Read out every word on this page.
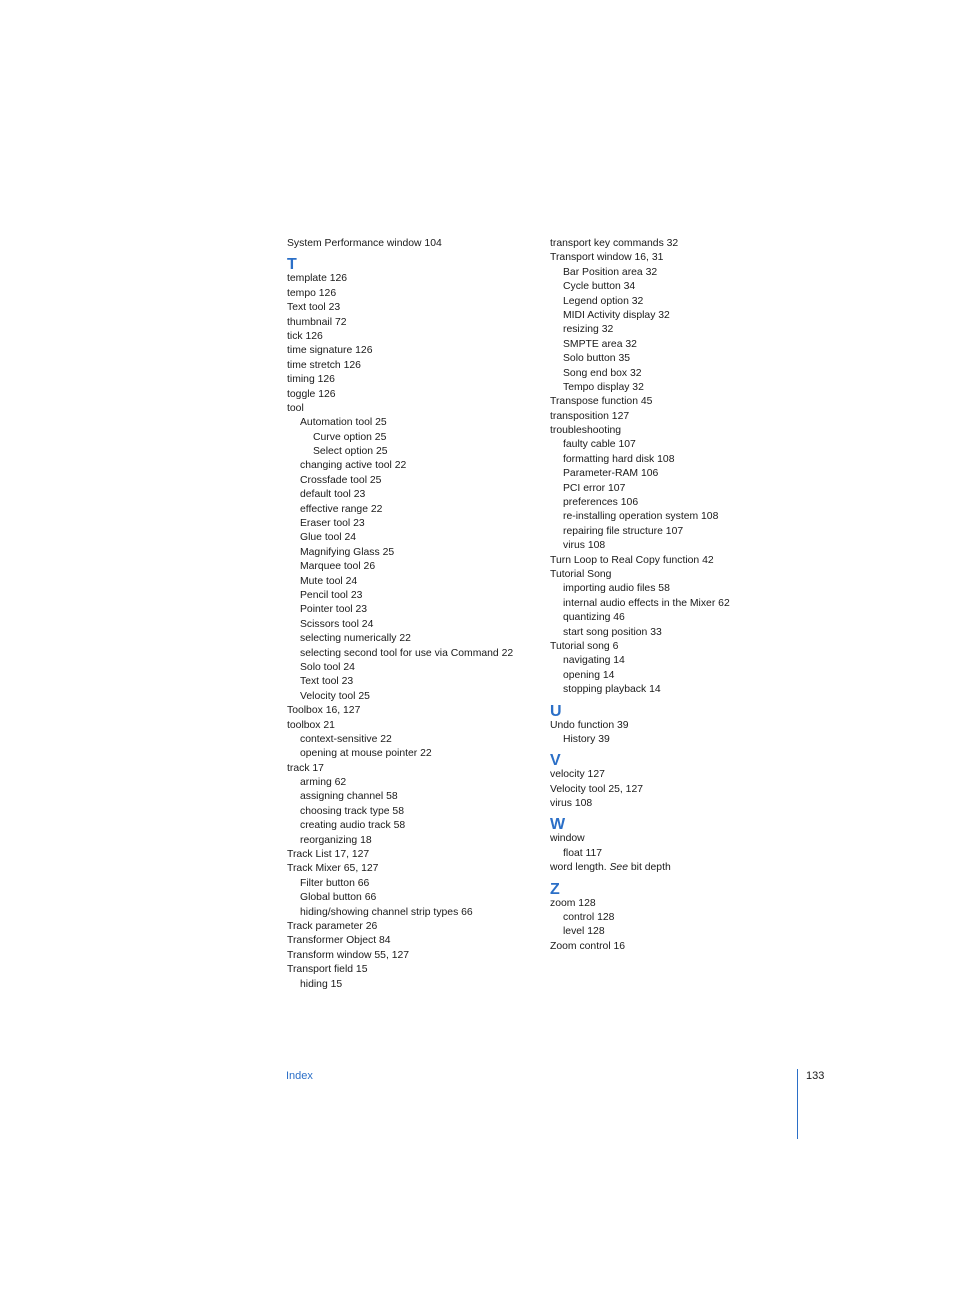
System Performance window 104
T
template 126
tempo 126
Text tool 23
thumbnail 72
tick 126
time signature 126
time stretch 126
timing 126
toggle 126
tool
Automation tool 25
Curve option 25
Select option 25
changing active tool 22
Crossfade tool 25
default tool 23
effective range 22
Eraser tool 23
Glue tool 24
Magnifying Glass 25
Marquee tool 26
Mute tool 24
Pencil tool 23
Pointer tool 23
Scissors tool 24
selecting numerically 22
selecting second tool for use via Command 22
Solo tool 24
Text tool 23
Velocity tool 25
Toolbox 16, 127
toolbox 21
context-sensitive 22
opening at mouse pointer 22
track 17
arming 62
assigning channel 58
choosing track type 58
creating audio track 58
reorganizing 18
Track List 17, 127
Track Mixer 65, 127
Filter button 66
Global button 66
hiding/showing channel strip types 66
Track parameter 26
Transformer Object 84
Transform window 55, 127
Transport field 15
hiding 15
transport key commands 32
Transport window 16, 31
Bar Position area 32
Cycle button 34
Legend option 32
MIDI Activity display 32
resizing 32
SMPTE area 32
Solo button 35
Song end box 32
Tempo display 32
Transpose function 45
transposition 127
troubleshooting
faulty cable 107
formatting hard disk 108
Parameter-RAM 106
PCI error 107
preferences 106
re-installing operation system 108
repairing file structure 107
virus 108
Turn Loop to Real Copy function 42
Tutorial Song
importing audio files 58
internal audio effects in the Mixer 62
quantizing 46
start song position 33
Tutorial song 6
navigating 14
opening 14
stopping playback 14
U
Undo function 39
History 39
V
velocity 127
Velocity tool 25, 127
virus 108
W
window
float 117
word length. See bit depth
Z
zoom 128
control 128
level 128
Zoom control 16
Index	133
